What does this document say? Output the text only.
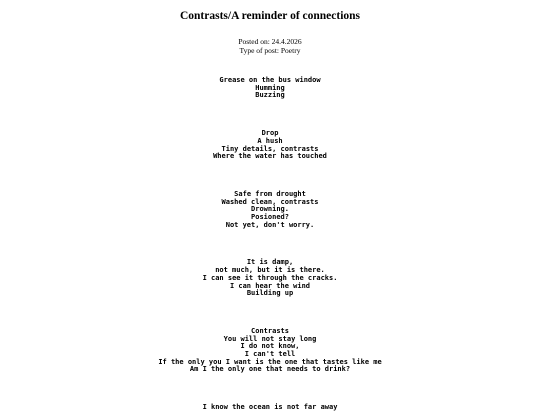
Contrasts/A reminder of connections
Posted on: 24.4.2026
Type of post: Poetry
Grease on the bus window
Humming
Buzzing
Drop
A hush
Tiny details, contrasts
Where the water has touched
Safe from drought
Washed clean, contrasts
Drowning.
Posioned?
Not yet, don't worry.
It is damp,
not much, but it is there.
I can see it through the cracks.
I can hear the wind
Building up
Contrasts
You will not stay long
I do not know,
I can't tell
If the only you I want is the one that tastes like me
Am I the only one that needs to drink?
I know the ocean is not far away
